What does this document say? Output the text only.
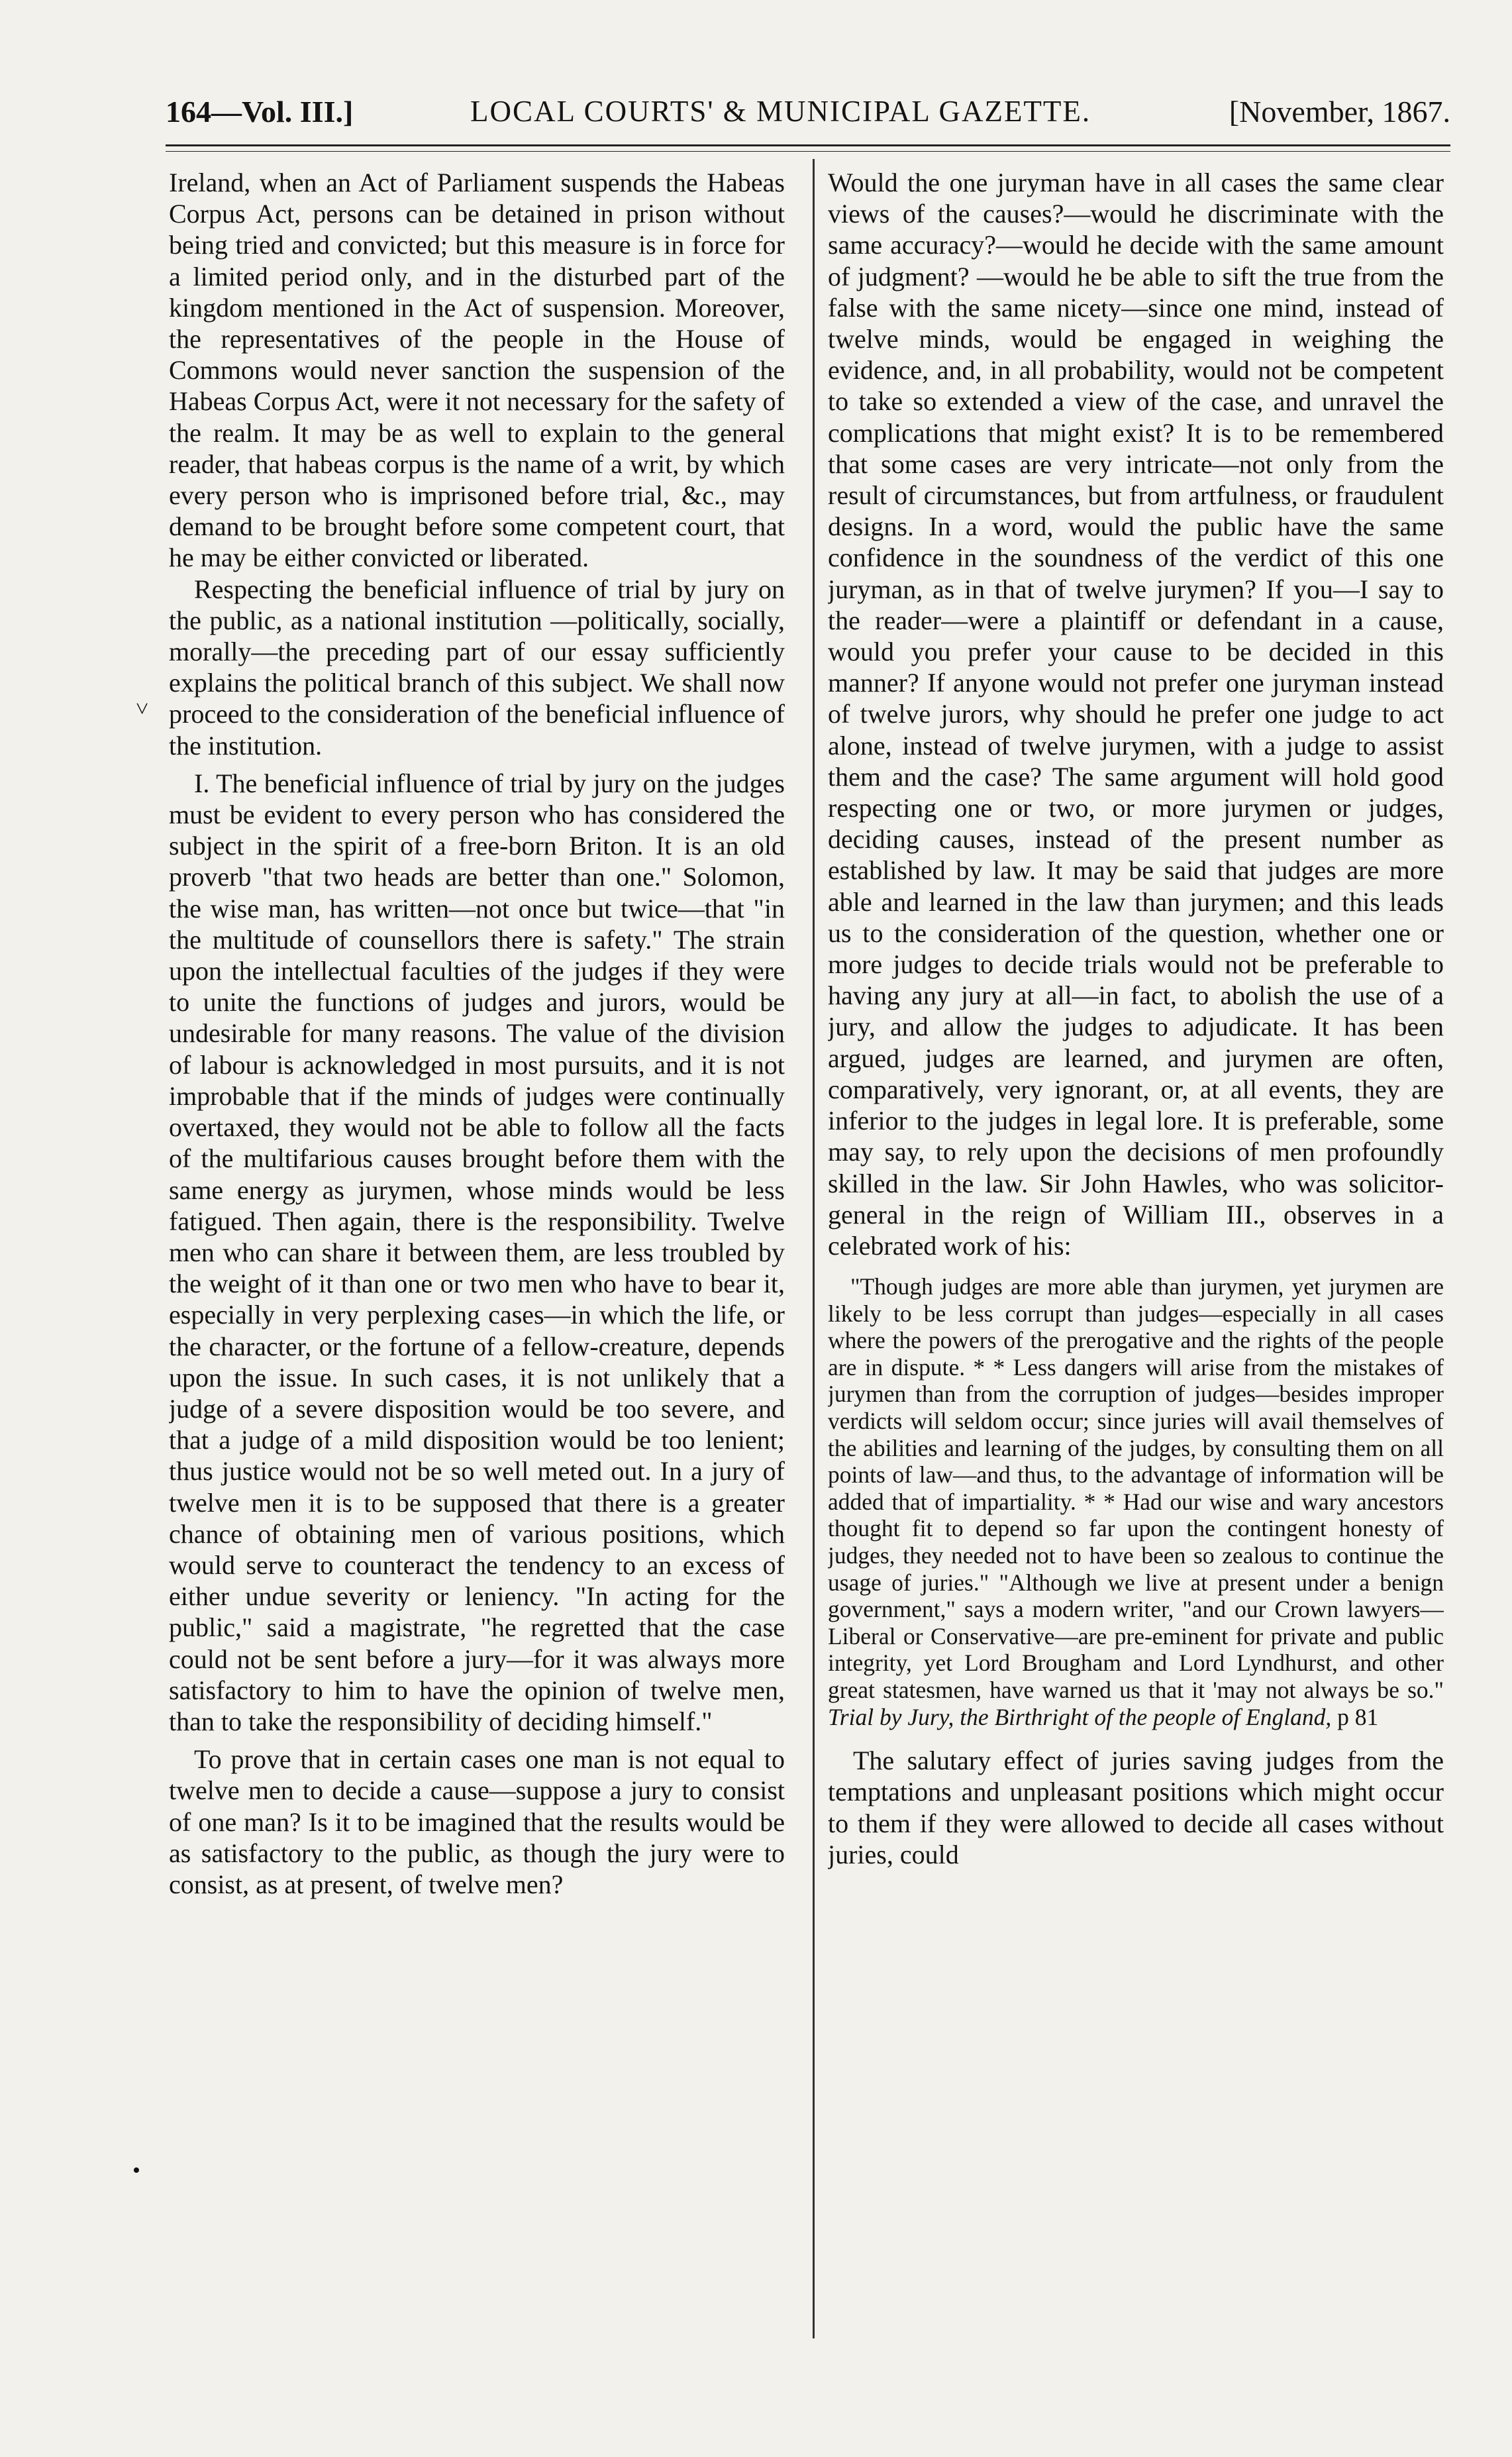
164—Vol. III.]	LOCAL COURTS' & MUNICIPAL GAZETTE.	[November, 1867.
˅
•

Ireland, when an Act of Parliament suspends the Habeas Corpus Act, persons can be detained in prison without being tried and convicted; but this measure is in force for a limited period only, and in the disturbed part of the kingdom mentioned in the Act of suspension. Moreover, the representatives of the people in the House of Commons would never sanction the suspension of the Habeas Corpus Act, were it not necessary for the safety of the realm. It may be as well to explain to the general reader, that habeas corpus is the name of a writ, by which every person who is imprisoned before trial, &c., may demand to be brought before some competent court, that he may be either convicted or liberated.

Respecting the beneficial influence of trial by jury on the public, as a national institution —politically, socially, morally—the preceding part of our essay sufficiently explains the political branch of this subject. We shall now proceed to the consideration of the beneficial influence of the institution.

I. The beneficial influence of trial by jury on the judges must be evident to every person who has considered the subject in the spirit of a free-born Briton. It is an old proverb "that two heads are better than one." Solomon, the wise man, has written—not once but twice—that "in the multitude of counsellors there is safety." The strain upon the intellectual faculties of the judges if they were to unite the functions of judges and jurors, would be undesirable for many reasons. The value of the division of labour is acknowledged in most pursuits, and it is not improbable that if the minds of judges were continually overtaxed, they would not be able to follow all the facts of the multifarious causes brought before them with the same energy as jurymen, whose minds would be less fatigued. Then again, there is the responsibility. Twelve men who can share it between them, are less troubled by the weight of it than one or two men who have to bear it, especially in very perplexing cases—in which the life, or the character, or the fortune of a fellow-creature, depends upon the issue. In such cases, it is not unlikely that a judge of a severe disposition would be too severe, and that a judge of a mild disposition would be too lenient; thus justice would not be so well meted out. In a jury of twelve men it is to be supposed that there is a greater chance of obtaining men of various positions, which would serve to counteract the tendency to an excess of either undue severity or leniency. "In acting for the public," said a magistrate, "he regretted that the case could not be sent before a jury—for it was always more satisfactory to him to have the opinion of twelve men, than to take the responsibility of deciding himself."

To prove that in certain cases one man is not equal to twelve men to decide a cause—suppose a jury to consist of one man? Is it to be imagined that the results would be as satisfactory to the public, as though the jury were to consist, as at present, of twelve men?

Would the one juryman have in all cases the same clear views of the causes?—would he discriminate with the same accuracy?—would he decide with the same amount of judgment? —would he be able to sift the true from the false with the same nicety—since one mind, instead of twelve minds, would be engaged in weighing the evidence, and, in all probability, would not be competent to take so extended a view of the case, and unravel the complications that might exist? It is to be remembered that some cases are very intricate—not only from the result of circumstances, but from artfulness, or fraudulent designs. In a word, would the public have the same confidence in the soundness of the verdict of this one juryman, as in that of twelve jurymen? If you—I say to the reader—were a plaintiff or defendant in a cause, would you prefer your cause to be decided in this manner? If anyone would not prefer one juryman instead of twelve jurors, why should he prefer one judge to act alone, instead of twelve jurymen, with a judge to assist them and the case? The same argument will hold good respecting one or two, or more jurymen or judges, deciding causes, instead of the present number as established by law. It may be said that judges are more able and learned in the law than jurymen; and this leads us to the consideration of the question, whether one or more judges to decide trials would not be preferable to having any jury at all—in fact, to abolish the use of a jury, and allow the judges to adjudicate. It has been argued, judges are learned, and jurymen are often, comparatively, very ignorant, or, at all events, they are inferior to the judges in legal lore. It is preferable, some may say, to rely upon the decisions of men profoundly skilled in the law. Sir John Hawles, who was solicitor-general in the reign of William III., observes in a celebrated work of his:

"Though judges are more able than jurymen, yet jurymen are likely to be less corrupt than judges—especially in all cases where the powers of the prerogative and the rights of the people are in dispute. * * Less dangers will arise from the mistakes of jurymen than from the corruption of judges—besides improper verdicts will seldom occur; since juries will avail themselves of the abilities and learning of the judges, by consulting them on all points of law—and thus, to the advantage of information will be added that of impartiality. * * Had our wise and wary ancestors thought fit to depend so far upon the contingent honesty of judges, they needed not to have been so zealous to continue the usage of juries." "Although we live at present under a benign government," says a modern writer, "and our Crown lawyers—Liberal or Conservative—are pre-eminent for private and public integrity, yet Lord Brougham and Lord Lyndhurst, and other great statesmen, have warned us that it 'may not always be so." Trial by Jury, the Birthright of the people of England, p 81

The salutary effect of juries saving judges from the temptations and unpleasant positions which might occur to them if they were allowed to decide all cases without juries, could
